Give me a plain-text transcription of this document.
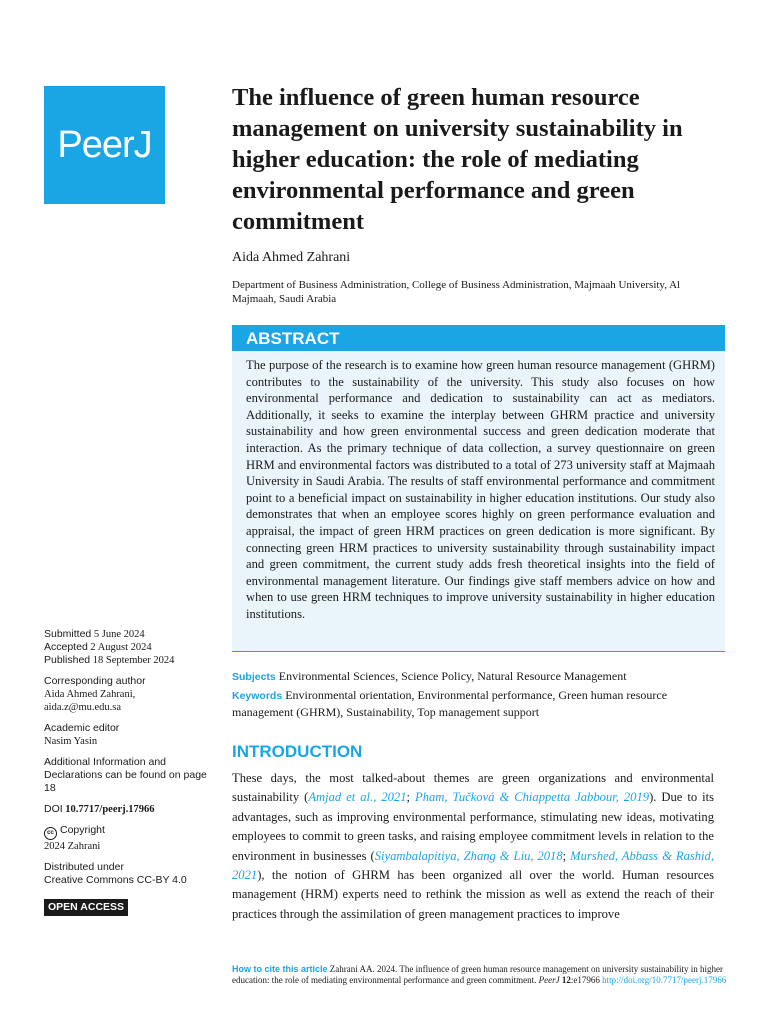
PeerJ
The influence of green human resource management on university sustainability in higher education: the role of mediating environmental performance and green commitment
Aida Ahmed Zahrani
Department of Business Administration, College of Business Administration, Majmaah University, Al Majmaah, Saudi Arabia
ABSTRACT

The purpose of the research is to examine how green human resource management (GHRM) contributes to the sustainability of the university. This study also focuses on how environmental performance and dedication to sustainability can act as mediators. Additionally, it seeks to examine the interplay between GHRM practice and university sustainability and how green environmental success and green dedication moderate that interaction. As the primary technique of data collection, a survey questionnaire on green HRM and environmental factors was distributed to a total of 273 university staff at Majmaah University in Saudi Arabia. The results of staff environmental performance and commitment point to a beneficial impact on sustainability in higher education institutions. Our study also demonstrates that when an employee scores highly on green performance evaluation and appraisal, the impact of green HRM practices on green dedication is more significant. By connecting green HRM practices to university sustainability through sustainability impact and green commitment, the current study adds fresh theoretical insights into the field of environmental management literature. Our findings give staff members advice on how and when to use green HRM techniques to improve university sustainability in higher education institutions.

Subjects Environmental Sciences, Science Policy, Natural Resource Management
Keywords Environmental orientation, Environmental performance, Green human resource management (GHRM), Sustainability, Top management support
INTRODUCTION

These days, the most talked-about themes are green organizations and environmental sustainability (Amjad et al., 2021; Pham, Tučková & Chiappetta Jabbour, 2019). Due to its advantages, such as improving environmental performance, stimulating new ideas, motivating employees to commit to green tasks, and raising employee commitment levels in relation to the environment in businesses (Siyambalapitiya, Zhang & Liu, 2018; Murshed, Abbass & Rashid, 2021), the notion of GHRM has been organized all over the world. Human resources management (HRM) experts need to rethink the mission as well as extend the reach of their practices through the assimilation of green management practices to improve

Submitted 5 June 2024
Accepted 2 August 2024
Published 18 September 2024
Corresponding author
Aida Ahmed Zahrani,
aida.z@mu.edu.sa
Academic editor
Nasim Yasin
Additional Information and Declarations can be found on page 18
DOI 10.7717/peerj.17966
cc Copyright
2024 Zahrani
Distributed under
Creative Commons CC-BY 4.0
OPEN ACCESS
How to cite this article Zahrani AA. 2024. The influence of green human resource management on university sustainability in higher education: the role of mediating environmental performance and green commitment. PeerJ 12:e17966 http://doi.org/10.7717/peerj.17966
